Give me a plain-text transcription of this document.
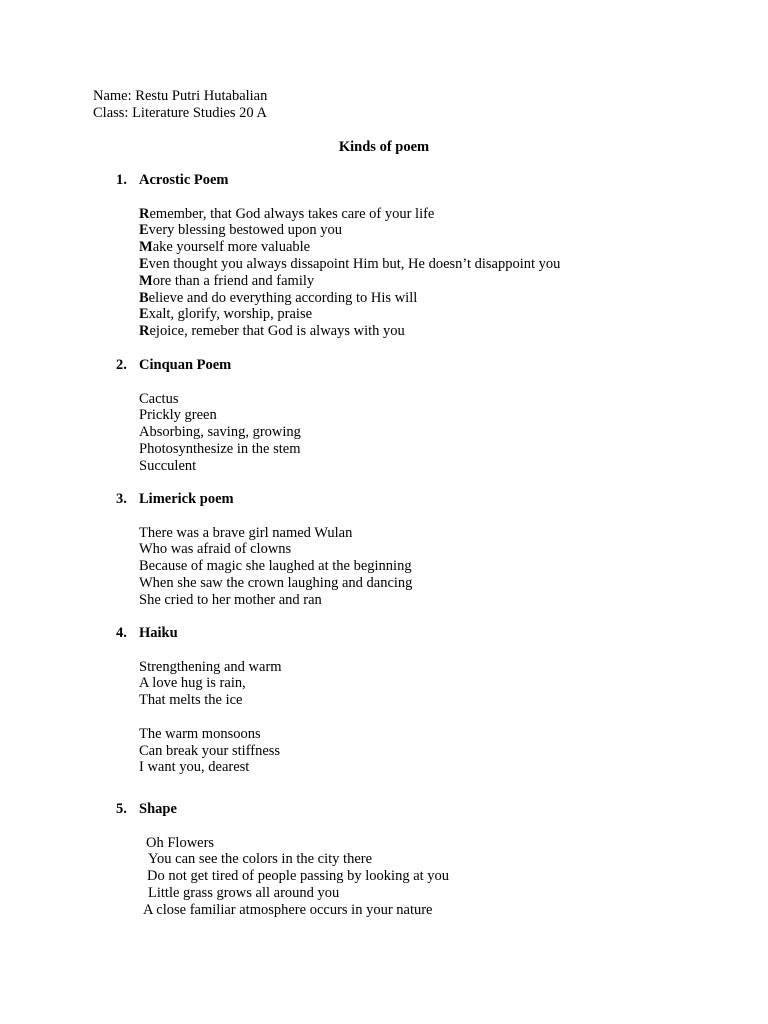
Name: Restu Putri Hutabalian
Class: Literature Studies 20 A
Kinds of poem
1. Acrostic Poem
Remember, that God always takes care of your life
Every blessing bestowed upon you
Make yourself more valuable
Even thought you always dissapoint Him but, He doesn’t disappoint you
More than a friend and family
Believe and do everything according to His will
Exalt, glorify, worship, praise
Rejoice, remeber that God is always with you
2. Cinquan Poem
Cactus
Prickly green
Absorbing, saving, growing
Photosynthesize in the stem
Succulent
3. Limerick poem
There was a brave girl named Wulan
Who was afraid of clowns
Because of magic she laughed at the beginning
When she saw the crown laughing and dancing
She cried to her mother and ran
4. Haiku
Strengthening and warm
A love hug is rain,
That melts the ice
The warm monsoons
Can break your stiffness
I want you, dearest
5. Shape
Oh Flowers
You can see the colors in the city there
Do not get tired of people passing by looking at you
Little grass grows all around you
A close familiar atmosphere occurs in your nature
